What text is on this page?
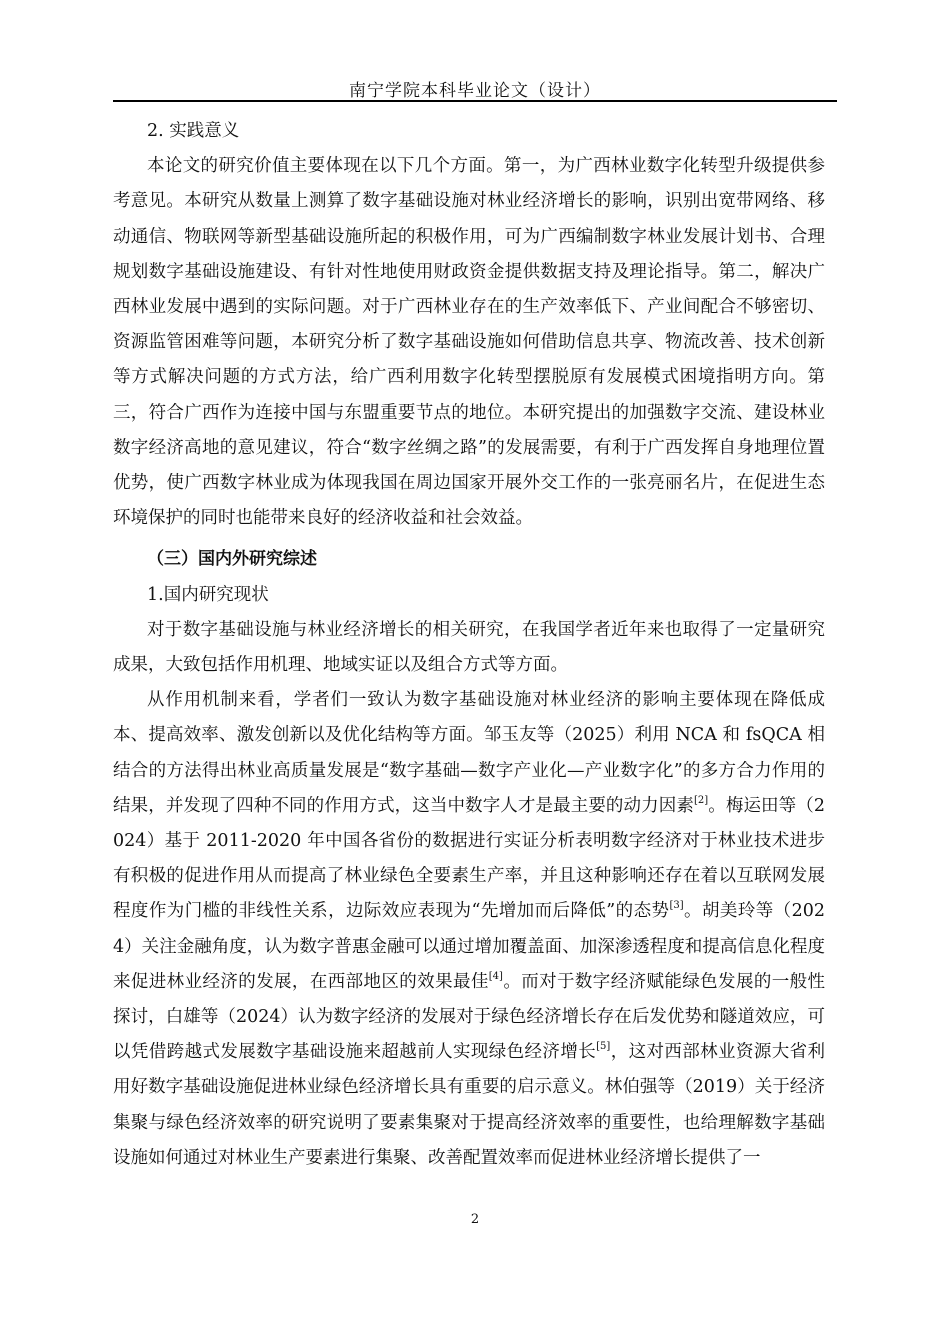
南宁学院本科毕业论文（设计）
2. 实践意义

本论文的研究价值主要体现在以下几个方面。第一，为广西林业数字化转型升级提供参考意见。本研究从数量上测算了数字基础设施对林业经济增长的影响，识别出宽带网络、移动通信、物联网等新型基础设施所起的积极作用，可为广西编制数字林业发展计划书、合理规划数字基础设施建设、有针对性地使用财政资金提供数据支持及理论指导。第二，解决广西林业发展中遇到的实际问题。对于广西林业存在的生产效率低下、产业间配合不够密切、资源监管困难等问题，本研究分析了数字基础设施如何借助信息共享、物流改善、技术创新等方式解决问题的方式方法，给广西利用数字化转型摆脱原有发展模式困境指明方向。第三，符合广西作为连接中国与东盟重要节点的地位。本研究提出的加强数字交流、建设林业数字经济高地的意见建议，符合“数字丝绸之路”的发展需要，有利于广西发挥自身地理位置优势，使广西数字林业成为体现我国在周边国家开展外交工作的一张亮丽名片，在促进生态环境保护的同时也能带来良好的经济收益和社会效益。

（三）国内外研究综述
1.国内研究现状

对于数字基础设施与林业经济增长的相关研究，在我国学者近年来也取得了一定量研究成果，大致包括作用机理、地域实证以及组合方式等方面。

从作用机制来看，学者们一致认为数字基础设施对林业经济的影响主要体现在降低成本、提高效率、激发创新以及优化结构等方面。邹玉友等（2025）利用 NCA 和 fsQCA 相结合的方法得出林业高质量发展是“数字基础—数字产业化—产业数字化”的多方合力作用的结果，并发现了四种不同的作用方式，这当中数字人才是最主要的动力因素[2]。梅运田等（2024）基于 2011-2020 年中国各省份的数据进行实证分析表明数字经济对于林业技术进步有积极的促进作用从而提高了林业绿色全要素生产率，并且这种影响还存在着以互联网发展程度作为门槛的非线性关系，边际效应表现为“先增加而后降低”的态势[3]。胡美玲等（2024）关注金融角度，认为数字普惠金融可以通过增加覆盖面、加深渗透程度和提高信息化程度来促进林业经济的发展，在西部地区的效果最佳[4]。而对于数字经济赋能绿色发展的一般性探讨，白雄等（2024）认为数字经济的发展对于绿色经济增长存在后发优势和隧道效应，可以凭借跨越式发展数字基础设施来超越前人实现绿色经济增长[5]，这对西部林业资源大省利用好数字基础设施促进林业绿色经济增长具有重要的启示意义。林伯强等（2019）关于经济集聚与绿色经济效率的研究说明了要素集聚对于提高经济效率的重要性，也给理解数字基础设施如何通过对林业生产要素进行集聚、改善配置效率而促进林业经济增长提供了一

2
